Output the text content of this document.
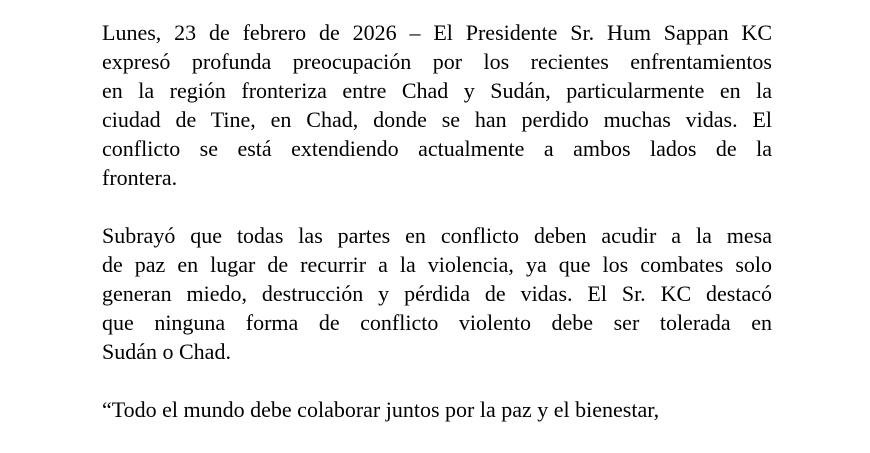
Lunes, 23 de febrero de 2026 – El Presidente Sr. Hum Sappan KC
expresó profunda preocupación por los recientes enfrentamientos
en la región fronteriza entre Chad y Sudán, particularmente en la
ciudad de Tine, en Chad, donde se han perdido muchas vidas. El
conflicto se está extendiendo actualmente a ambos lados de la
frontera.

Subrayó que todas las partes en conflicto deben acudir a la mesa
de paz en lugar de recurrir a la violencia, ya que los combates solo
generan miedo, destrucción y pérdida de vidas. El Sr. KC destacó
que ninguna forma de conflicto violento debe ser tolerada en
Sudán o Chad.

“Todo el mundo debe colaborar juntos por la paz y el bienestar,
